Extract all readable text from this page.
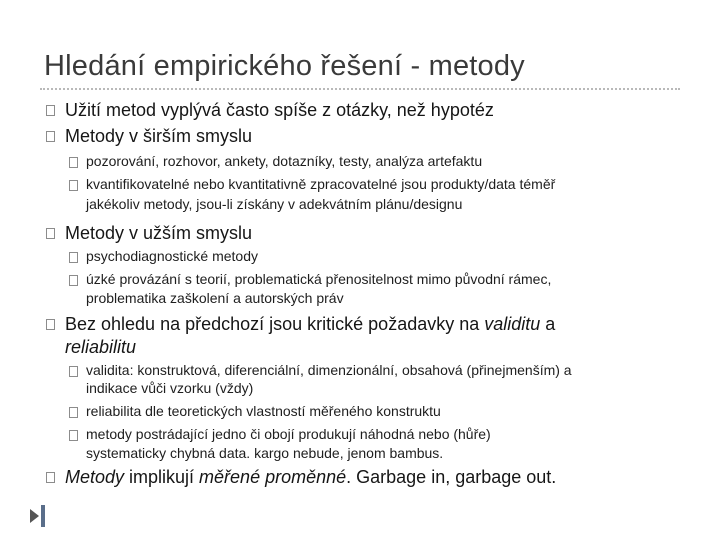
Hledání empirického řešení - metody
Užití metod vyplývá často spíše z otázky, než hypotéz
Metody v širším smyslu
pozorování, rozhovor, ankety, dotazníky, testy, analýza artefaktu
kvantifikovatelné nebo kvantitativně zpracovatelné jsou produkty/data téměř
jakékoliv metody, jsou-li získány v adekvátním plánu/designu
Metody v užším smyslu
psychodiagnostické metody
úzké provázání s teorií, problematická přenositelnost mimo původní rámec,
problematika zaškolení a autorských práv
Bez ohledu na předchozí jsou kritické požadavky na validitu a
reliabilitu
validita: konstruktová, diferenciální, dimenzionální, obsahová (přinejmenším) a
indikace vůči vzorku (vždy)
reliabilita dle teoretických vlastností měřeného konstruktu
metody postrádající jedno či obojí produkují náhodná nebo (hůře)
systematicky chybná data. kargo nebude, jenom bambus.
Metody implikují měřené proměnné. Garbage in, garbage out.
